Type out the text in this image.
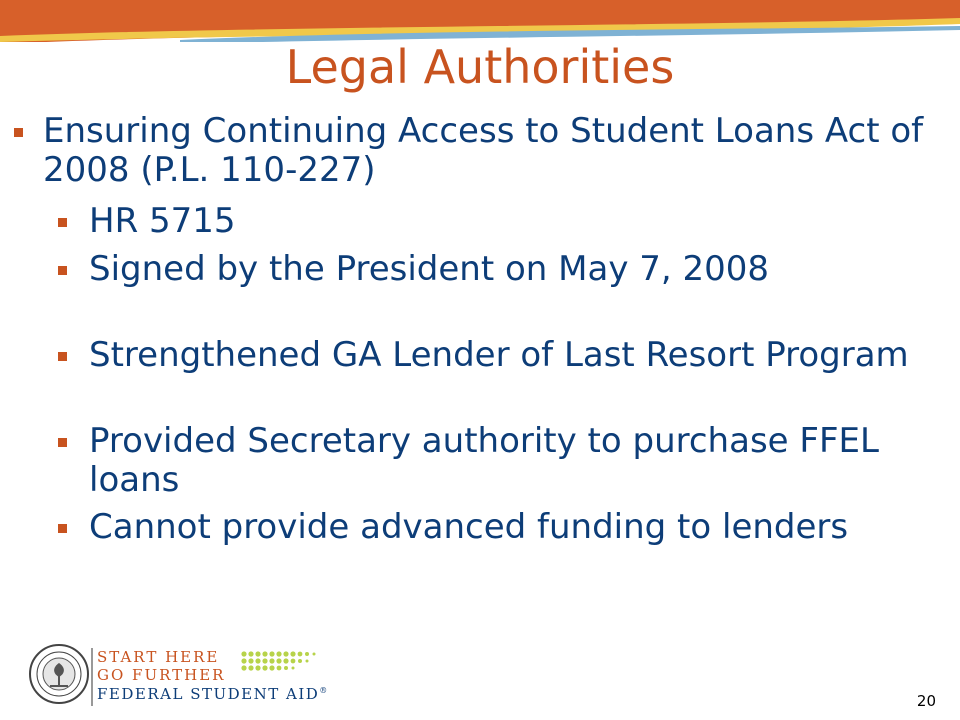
Legal Authorities
Ensuring Continuing Access to Student Loans Act of 2008 (P.L. 110-227)
HR 5715
Signed by the President on May 7, 2008
Strengthened GA Lender of Last Resort Program
Provided Secretary authority to purchase FFEL loans
Cannot provide advanced funding to lenders
START HERE
GO FURTHER
FEDERAL STUDENT AID®
20
